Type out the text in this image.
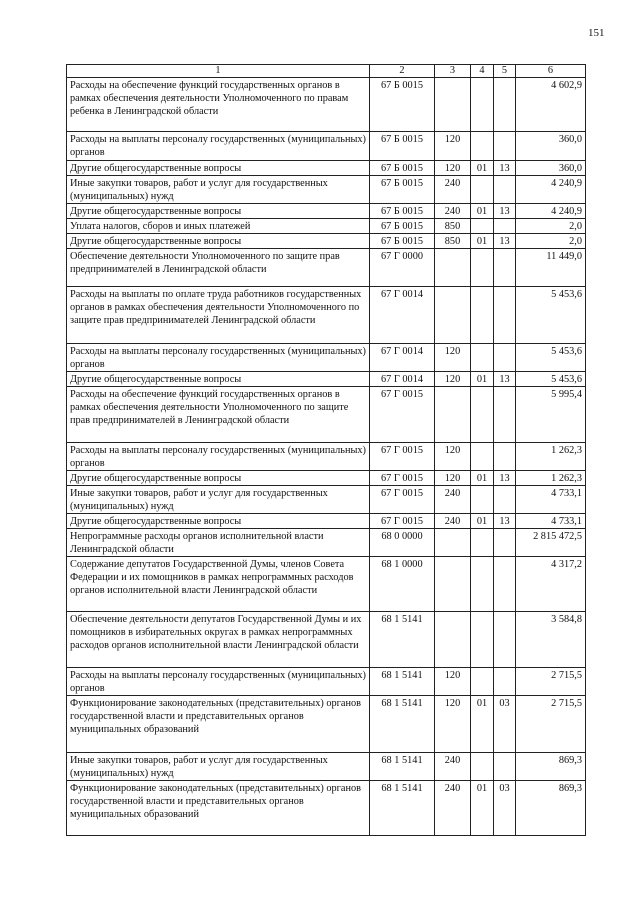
151
1	2	3	4	5	6
Расходы на обеспечение функций государственных органов в рамках обеспечения деятельности Уполномоченного по правам ребенка в Ленинградской области	67 Б 0015				4 602,9
Расходы на выплаты персоналу государственных (муниципальных) органов	67 Б 0015	120			360,0
Другие общегосударственные вопросы	67 Б 0015	120	01	13	360,0
Иные закупки товаров, работ и услуг для государственных (муниципальных) нужд	67 Б 0015	240			4 240,9
Другие общегосударственные вопросы	67 Б 0015	240	01	13	4 240,9
Уплата налогов, сборов и иных платежей	67 Б 0015	850			2,0
Другие общегосударственные вопросы	67 Б 0015	850	01	13	2,0
Обеспечение деятельности Уполномоченного по защите прав предпринимателей в Ленинградской области	67 Г 0000				11 449,0
Расходы на выплаты по оплате труда работников государственных органов в рамках обеспечения деятельности Уполномоченного по защите прав предпринимателей Ленинградской области	67 Г 0014				5 453,6
Расходы на выплаты персоналу государственных (муниципальных) органов	67 Г 0014	120			5 453,6
Другие общегосударственные вопросы	67 Г 0014	120	01	13	5 453,6
Расходы на обеспечение функций государственных органов в рамках обеспечения деятельности Уполномоченного по защите прав предпринимателей в Ленинградской области	67 Г 0015				5 995,4
Расходы на выплаты персоналу государственных (муниципальных) органов	67 Г 0015	120			1 262,3
Другие общегосударственные вопросы	67 Г 0015	120	01	13	1 262,3
Иные закупки товаров, работ и услуг для государственных (муниципальных) нужд	67 Г 0015	240			4 733,1
Другие общегосударственные вопросы	67 Г 0015	240	01	13	4 733,1
Непрограммные расходы органов исполнительной власти Ленинградской области	68 0 0000				2 815 472,5
Содержание депутатов Государственной Думы, членов Совета Федерации и их помощников в рамках непрограммных расходов органов исполнительной власти Ленинградской области	68 1 0000				4 317,2
Обеспечение деятельности депутатов Государственной Думы и их помощников в избирательных округах в рамках непрограммных расходов органов исполнительной власти Ленинградской области	68 1 5141				3 584,8
Расходы на выплаты персоналу государственных (муниципальных) органов	68 1 5141	120			2 715,5
Функционирование законодательных (представительных) органов государственной власти и представительных органов муниципальных образований	68 1 5141	120	01	03	2 715,5
Иные закупки товаров, работ и услуг для государственных (муниципальных) нужд	68 1 5141	240			869,3
Функционирование законодательных (представительных) органов государственной власти и представительных органов муниципальных образований	68 1 5141	240	01	03	869,3
